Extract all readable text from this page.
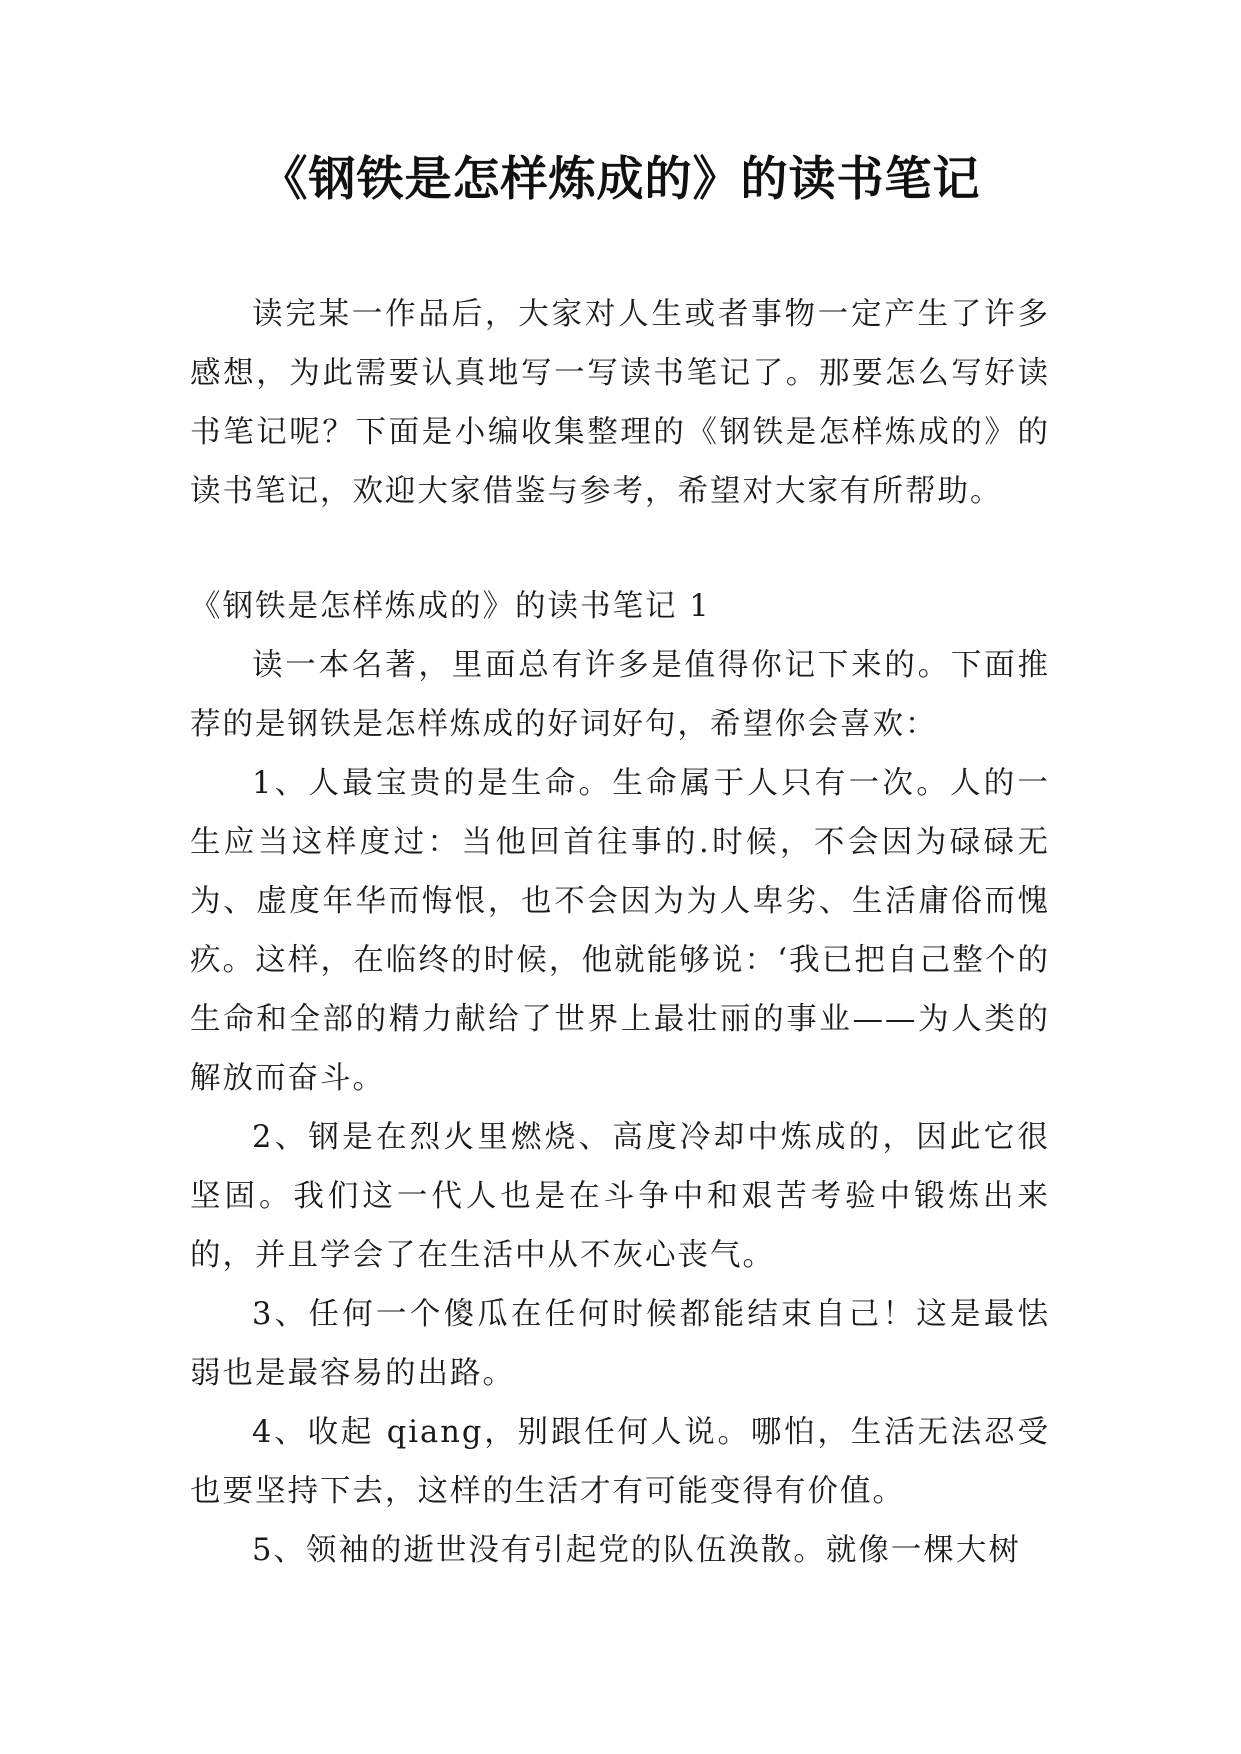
《钢铁是怎样炼成的》的读书笔记

读完某一作品后，大家对人生或者事物一定产生了许多感想，为此需要认真地写一写读书笔记了。那要怎么写好读书笔记呢？下面是小编收集整理的《钢铁是怎样炼成的》的读书笔记，欢迎大家借鉴与参考，希望对大家有所帮助。

《钢铁是怎样炼成的》的读书笔记 1

读一本名著，里面总有许多是值得你记下来的。下面推荐的是钢铁是怎样炼成的好词好句，希望你会喜欢：

1、人最宝贵的是生命。生命属于人只有一次。人的一生应当这样度过：当他回首往事的.时候，不会因为碌碌无为、虚度年华而悔恨，也不会因为为人卑劣、生活庸俗而愧疚。这样，在临终的时候，他就能够说：‘我已把自己整个的生命和全部的精力献给了世界上最壮丽的事业——为人类的解放而奋斗。

2、钢是在烈火里燃烧、高度冷却中炼成的，因此它很坚固。我们这一代人也是在斗争中和艰苦考验中锻炼出来的，并且学会了在生活中从不灰心丧气。

3、任何一个傻瓜在任何时候都能结束自己！这是最怯弱也是最容易的出路。

4、收起 qiang，别跟任何人说。哪怕，生活无法忍受也要坚持下去，这样的生活才有可能变得有价值。

5、领袖的逝世没有引起党的队伍涣散。就像一棵大树
